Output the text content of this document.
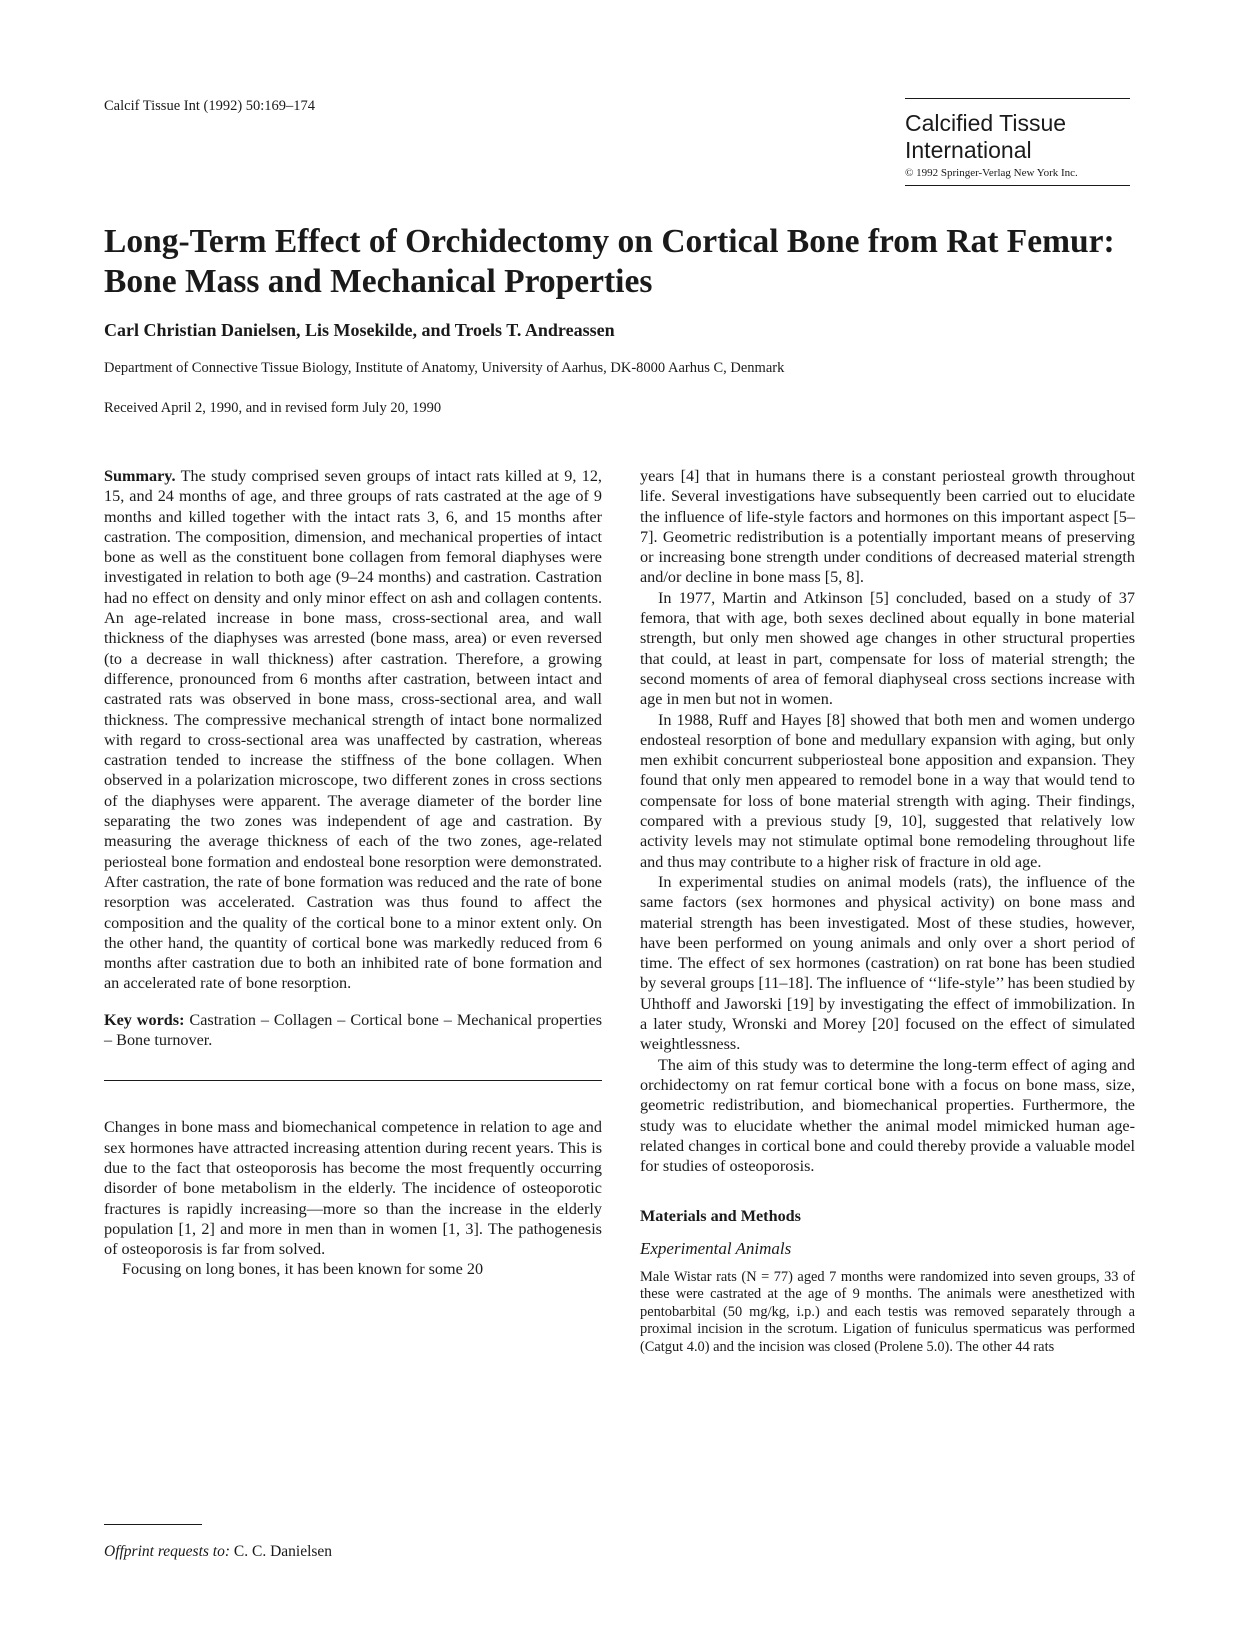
Calcif Tissue Int (1992) 50:169–174
Calcified Tissue
International
© 1992 Springer-Verlag New York Inc.
Long-Term Effect of Orchidectomy on Cortical Bone from Rat Femur:
Bone Mass and Mechanical Properties
Carl Christian Danielsen, Lis Mosekilde, and Troels T. Andreassen
Department of Connective Tissue Biology, Institute of Anatomy, University of Aarhus, DK-8000 Aarhus C, Denmark
Received April 2, 1990, and in revised form July 20, 1990

Summary. The study comprised seven groups of intact rats killed at 9, 12, 15, and 24 months of age, and three groups of rats castrated at the age of 9 months and killed together with the intact rats 3, 6, and 15 months after castration. The composition, dimension, and mechanical properties of intact bone as well as the constituent bone collagen from femoral diaphyses were investigated in relation to both age (9–24 months) and castration. Castration had no effect on density and only minor effect on ash and collagen contents. An age-related increase in bone mass, cross-sectional area, and wall thickness of the diaphyses was arrested (bone mass, area) or even reversed (to a decrease in wall thickness) after castration. Therefore, a growing difference, pronounced from 6 months after castration, between intact and castrated rats was observed in bone mass, cross-sectional area, and wall thickness. The compressive mechanical strength of intact bone normalized with regard to cross-sectional area was unaffected by castration, whereas castration tended to increase the stiffness of the bone collagen. When observed in a polarization microscope, two different zones in cross sections of the diaphyses were apparent. The average diameter of the border line separating the two zones was independent of age and castration. By measuring the average thickness of each of the two zones, age-related periosteal bone formation and endosteal bone resorption were demonstrated. After castration, the rate of bone formation was reduced and the rate of bone resorption was accelerated. Castration was thus found to affect the composition and the quality of the cortical bone to a minor extent only. On the other hand, the quantity of cortical bone was markedly reduced from 6 months after castration due to both an inhibited rate of bone formation and an accelerated rate of bone resorption.

Key words: Castration – Collagen – Cortical bone – Mechanical properties – Bone turnover.

Changes in bone mass and biomechanical competence in relation to age and sex hormones have attracted increasing attention during recent years. This is due to the fact that osteoporosis has become the most frequently occurring disorder of bone metabolism in the elderly. The incidence of osteoporotic fractures is rapidly increasing—more so than the increase in the elderly population [1, 2] and more in men than in women [1, 3]. The pathogenesis of osteoporosis is far from solved.

Focusing on long bones, it has been known for some 20

Offprint requests to: C. C. Danielsen

years [4] that in humans there is a constant periosteal growth throughout life. Several investigations have subsequently been carried out to elucidate the influence of life-style factors and hormones on this important aspect [5–7]. Geometric redistribution is a potentially important means of preserving or increasing bone strength under conditions of decreased material strength and/or decline in bone mass [5, 8].

In 1977, Martin and Atkinson [5] concluded, based on a study of 37 femora, that with age, both sexes declined about equally in bone material strength, but only men showed age changes in other structural properties that could, at least in part, compensate for loss of material strength; the second moments of area of femoral diaphyseal cross sections increase with age in men but not in women.

In 1988, Ruff and Hayes [8] showed that both men and women undergo endosteal resorption of bone and medullary expansion with aging, but only men exhibit concurrent subperiosteal bone apposition and expansion. They found that only men appeared to remodel bone in a way that would tend to compensate for loss of bone material strength with aging. Their findings, compared with a previous study [9, 10], suggested that relatively low activity levels may not stimulate optimal bone remodeling throughout life and thus may contribute to a higher risk of fracture in old age.

In experimental studies on animal models (rats), the influence of the same factors (sex hormones and physical activity) on bone mass and material strength has been investigated. Most of these studies, however, have been performed on young animals and only over a short period of time. The effect of sex hormones (castration) on rat bone has been studied by several groups [11–18]. The influence of ‘‘life-style’’ has been studied by Uhthoff and Jaworski [19] by investigating the effect of immobilization. In a later study, Wronski and Morey [20] focused on the effect of simulated weightlessness.

The aim of this study was to determine the long-term effect of aging and orchidectomy on rat femur cortical bone with a focus on bone mass, size, geometric redistribution, and biomechanical properties. Furthermore, the study was to elucidate whether the animal model mimicked human age-related changes in cortical bone and could thereby provide a valuable model for studies of osteoporosis.

Materials and Methods

Experimental Animals

Male Wistar rats (N = 77) aged 7 months were randomized into seven groups, 33 of these were castrated at the age of 9 months. The animals were anesthetized with pentobarbital (50 mg/kg, i.p.) and each testis was removed separately through a proximal incision in the scrotum. Ligation of funiculus spermaticus was performed (Catgut 4.0) and the incision was closed (Prolene 5.0). The other 44 rats
